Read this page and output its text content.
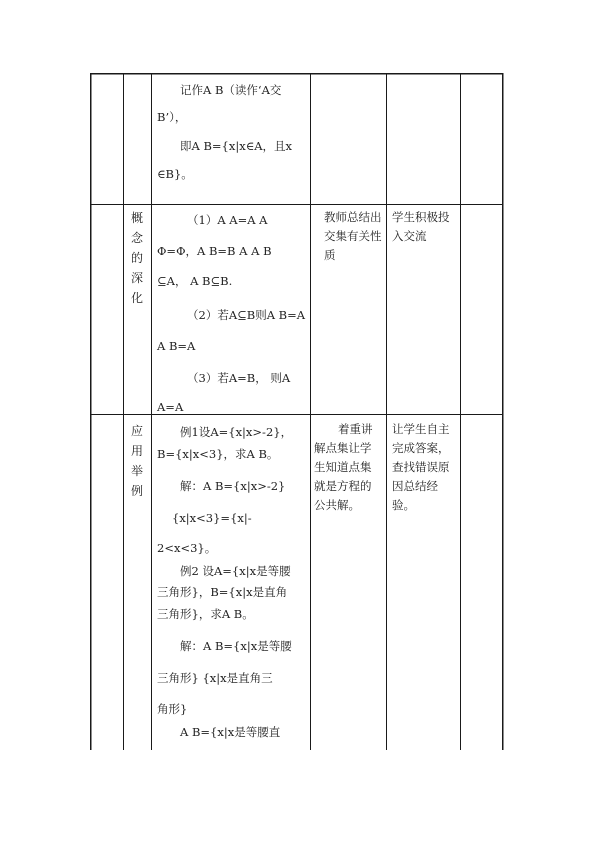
记作A B（读作‘A交

B’），

即A B={x|x∈A，且x

∈B}。

概念的深化

（1）A A=A A

Φ=Φ，A B=B A A B

⊆A， A B⊆B.

（2）若A⊆B则A B=A

A B=A

（3）若A=B， 则A

A=A

教师总结出交集有关性质
学生积极投入交流
应用举例

例1设A={x|x>-2}，

B={x|x<3}，求A B。

解：A B={x|x>-2}

{x|x<3}={x|-

2<x<3}。

例2 设A={x|x是等腰

三角形}，B={x|x是直角

三角形}，求A B。

解：A B={x|x是等腰

三角形} {x|x是直角三

角形}

A B={x|x是等腰直

着重讲解点集让学生知道点集就是方程的公共解。
让学生自主完成答案，查找错误原因总结经验。
